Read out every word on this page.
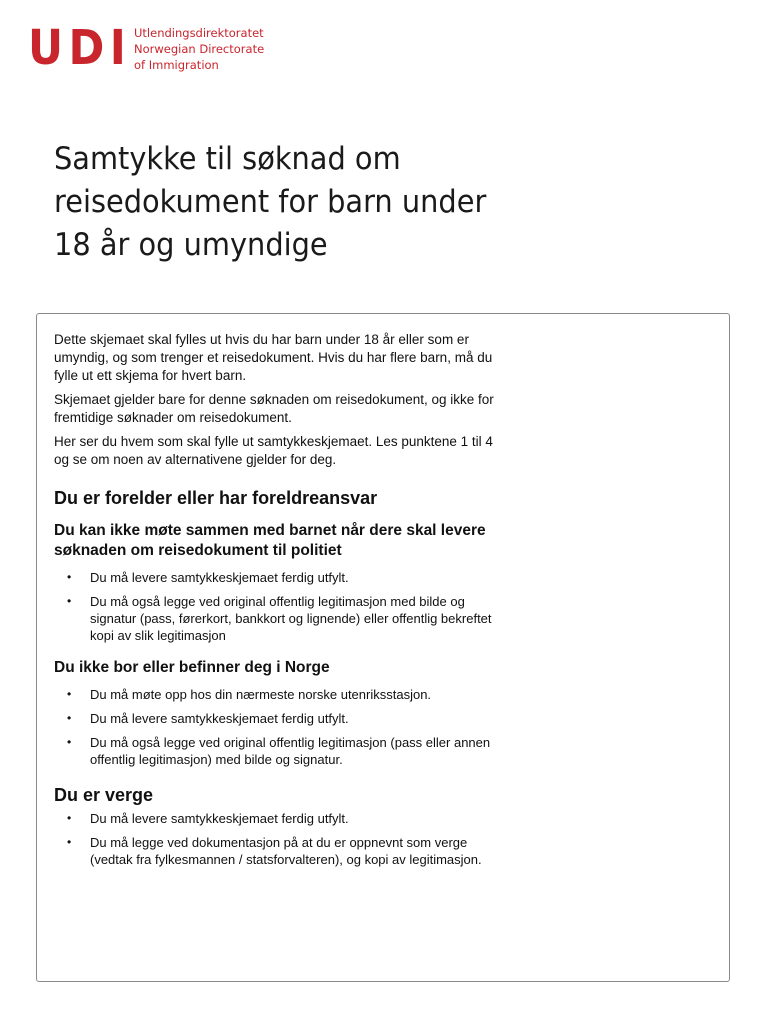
UDI Utlendingsdirektoratet
Norwegian Directorate
of Immigration
Samtykke til søknad om
reisedokument for barn under
18 år og umyndige

Dette skjemaet skal fylles ut hvis du har barn under 18 år eller som er umyndig, og som trenger et reisedokument. Hvis du har flere barn, må du fylle ut ett skjema for hvert barn.

Skjemaet gjelder bare for denne søknaden om reisedokument, og ikke for fremtidige søknader om reisedokument.

Her ser du hvem som skal fylle ut samtykkeskjemaet. Les punktene 1 til 4 og se om noen av alternativene gjelder for deg.

Du er forelder eller har foreldreansvar
Du kan ikke møte sammen med barnet når dere skal levere søknaden om reisedokument til politiet
• Du må levere samtykkeskjemaet ferdig utfylt.
• Du må også legge ved original offentlig legitimasjon med bilde og signatur (pass, førerkort, bankkort og lignende) eller offentlig bekreftet kopi av slik legitimasjon
Du ikke bor eller befinner deg i Norge
• Du må møte opp hos din nærmeste norske utenriksstasjon.
• Du må levere samtykkeskjemaet ferdig utfylt.
• Du må også legge ved original offentlig legitimasjon (pass eller annen offentlig legitimasjon) med bilde og signatur.
Du er verge
• Du må levere samtykkeskjemaet ferdig utfylt.
• Du må legge ved dokumentasjon på at du er oppnevnt som verge (vedtak fra fylkesmannen / statsforvalteren), og kopi av legitimasjon.
